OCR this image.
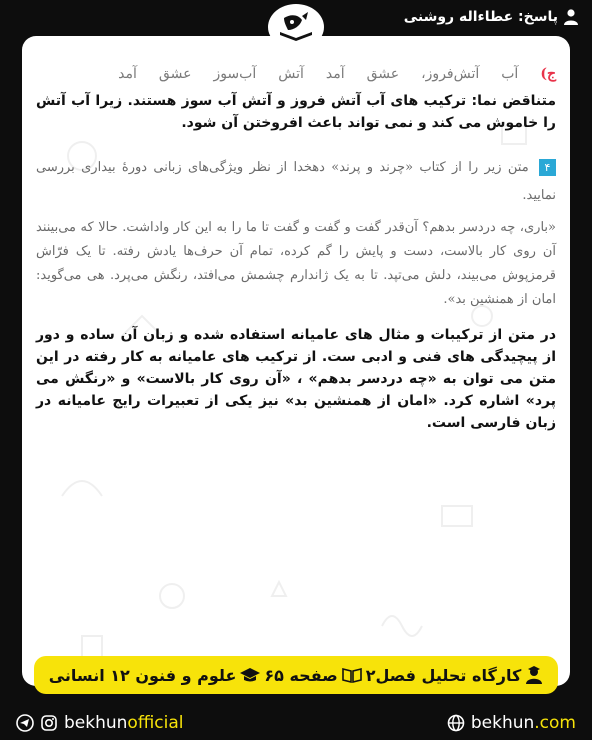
پاسخ: عطاءاله روشنی
ج)
آب
آتش‌فروز،
عشق
آمد
آتش
آب‌سوز
عشق
آمد
متناقض نما: ترکیب های آب آتش فروز و آتش آب سوز هستند. زیرا آب آتش را خاموش می کند و نمی تواند باعث افروختن آن شود.
۴ متن زیر را از کتاب «چرند و پرند» دهخدا از نظر ویژگی‌های زبانی دورهٔ بیداری بررسی نمایید.
«باری، چه دردسر بدهم؟ آن‌قدر گفت و گفت و گفت تا ما را به این کار واداشت. حالا که می‌بینند آن روی کار بالاست، دست و پایش را گم کرده، تمام آن حرف‌ها یادش رفته. تا یک فرّاش قرمزپوش می‌بیند، دلش می‌تپد. تا به یک ژاندارم چشمش می‌افتد، رنگش می‌پرد. هی می‌گوید: امان از همنشین بد».
در متن از ترکیبات و مثال های عامیانه استفاده شده و زبان آن ساده و دور از پیچیدگی های فنی و ادبی ست. از ترکیب های عامیانه به کار رفته در این متن می توان به «چه دردسر بدهم» ، «آن روی کار بالاست» و «رنگش می پرد» اشاره کرد. «امان از همنشین بد» نیز یکی از تعبیرات رایج عامیانه در زبان فارسی است.
کارگاه تحلیل فصل۲
صفحه ۶۵
علوم و فنون ۱۲ انسانی
bekhunofficial	bekhun.com
